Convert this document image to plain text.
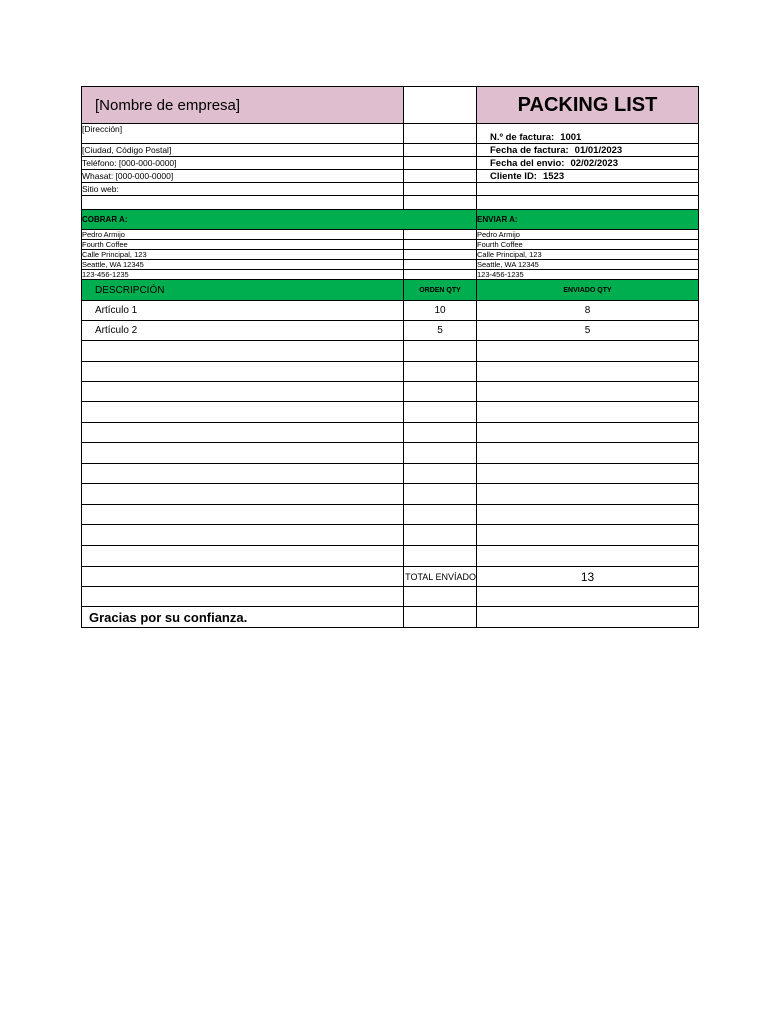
[Nombre de empresa]		PACKING LIST
[Dirección]		N.º de factura: 1001
[Ciudad, Código Postal]		Fecha de factura: 01/01/2023
Teléfono: [000-000-0000]		Fecha del envio: 02/02/2023
Whasat: [000-000-0000]		Cliente ID: 1523
Sitio web:		

COBRAR A:		ENVIAR A:
Pedro Armijo		Pedro Armijo
Fourth Coffee		Fourth Coffee
Calle Principal, 123		Calle Principal, 123
Seattle, WA 12345		Seattle, WA 12345
123-456-1235		123-456-1235
DESCRIPCIÓN	ORDEN QTY	ENVIADO QTY
Artículo 1	10	8
Artículo 2	5	5

	TOTAL ENVÍADO	13

Gracias por su confianza.		
